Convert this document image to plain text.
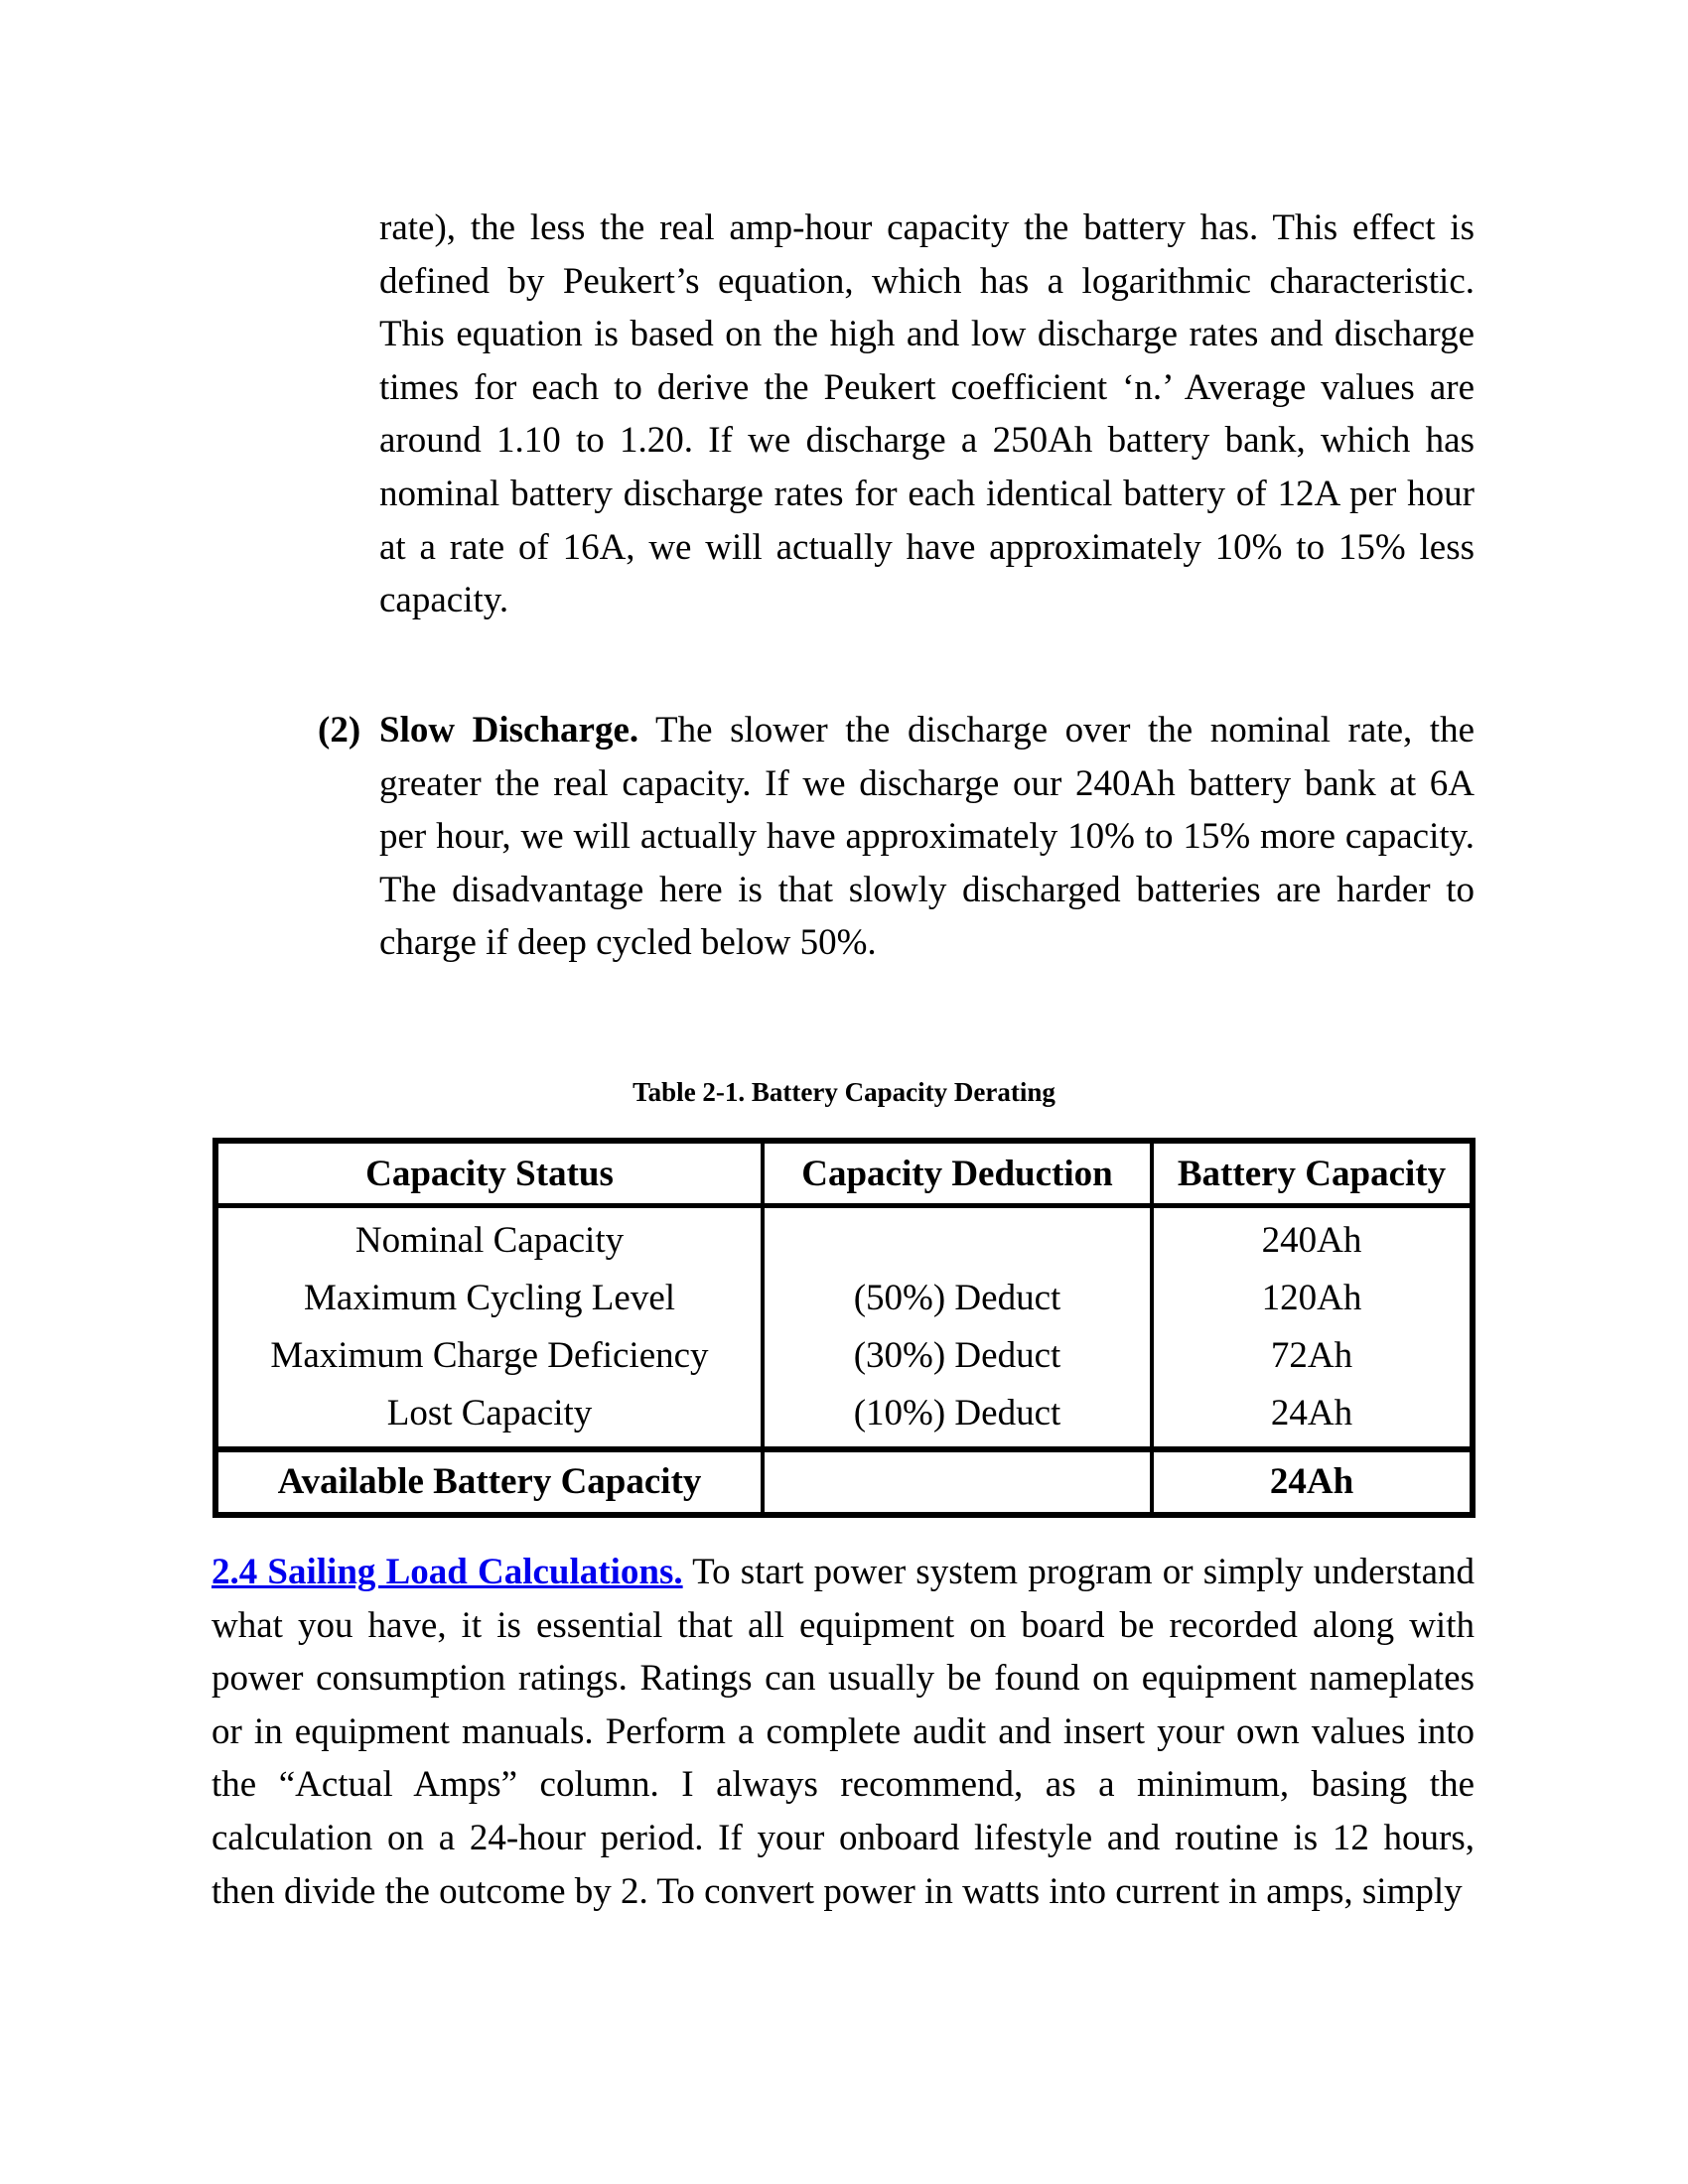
rate), the less the real amp-hour capacity the battery has. This effect is defined by Peukert’s equation, which has a logarithmic characteristic. This equation is based on the high and low discharge rates and discharge times for each to derive the Peukert coefficient ‘n.’ Average values are around 1.10 to 1.20. If we discharge a 250Ah battery bank, which has nominal battery discharge rates for each identical battery of 12A per hour at a rate of 16A, we will actually have approximately 10% to 15% less capacity.

(2) Slow Discharge. The slower the discharge over the nominal rate, the greater the real capacity. If we discharge our 240Ah battery bank at 6A per hour, we will actually have approximately 10% to 15% more capacity. The disadvantage here is that slowly discharged batteries are harder to charge if deep cycled below 50%.
Table 2-1. Battery Capacity Derating
Capacity Status	Capacity Deduction	Battery Capacity
Nominal Capacity		240Ah
Maximum Cycling Level	(50%) Deduct	120Ah
Maximum Charge Deficiency	(30%) Deduct	72Ah
Lost Capacity	(10%) Deduct	24Ah
Available Battery Capacity		24Ah

2.4 Sailing Load Calculations. To start power system program or simply understand what you have, it is essential that all equipment on board be recorded along with power consumption ratings. Ratings can usually be found on equipment nameplates or in equipment manuals. Perform a complete audit and insert your own values into the “Actual Amps” column. I always recommend, as a minimum, basing the calculation on a 24-hour period. If your onboard lifestyle and routine is 12 hours, then divide the outcome by 2. To convert power in watts into current in amps, simply
